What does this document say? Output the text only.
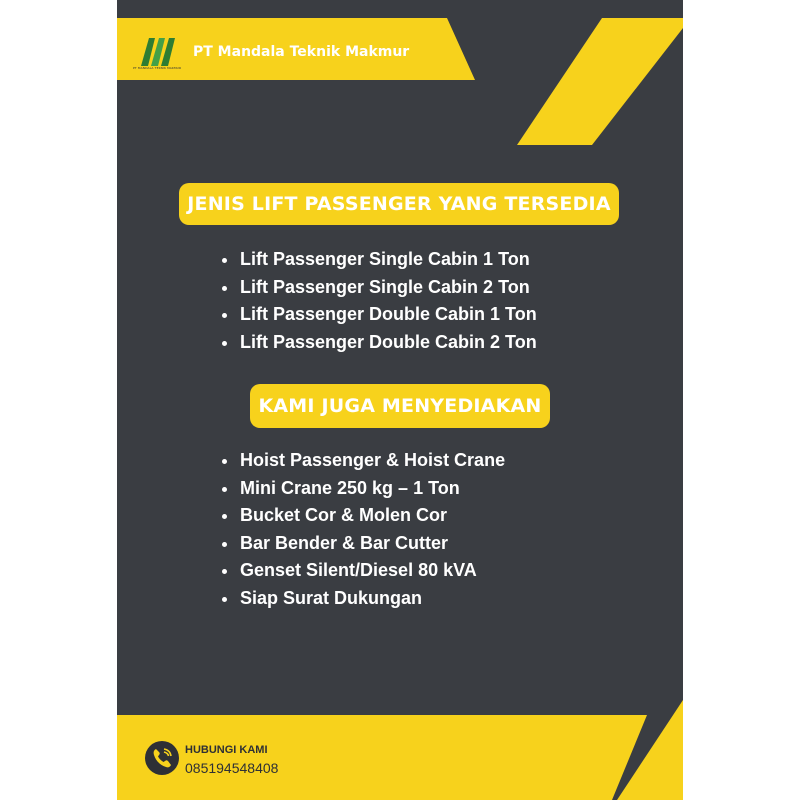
PT MANDALA TEKNIK MAKMUR
PT Mandala Teknik Makmur
JENIS LIFT PASSENGER YANG TERSEDIA
Lift Passenger Single Cabin 1 Ton
Lift Passenger Single Cabin 2 Ton
Lift Passenger Double Cabin 1 Ton
Lift Passenger Double Cabin 2 Ton
KAMI JUGA MENYEDIAKAN
Hoist Passenger & Hoist Crane
Mini Crane 250 kg – 1 Ton
Bucket Cor & Molen Cor
Bar Bender & Bar Cutter
Genset Silent/Diesel 80 kVA
Siap Surat Dukungan
HUBUNGI KAMI
085194548408
